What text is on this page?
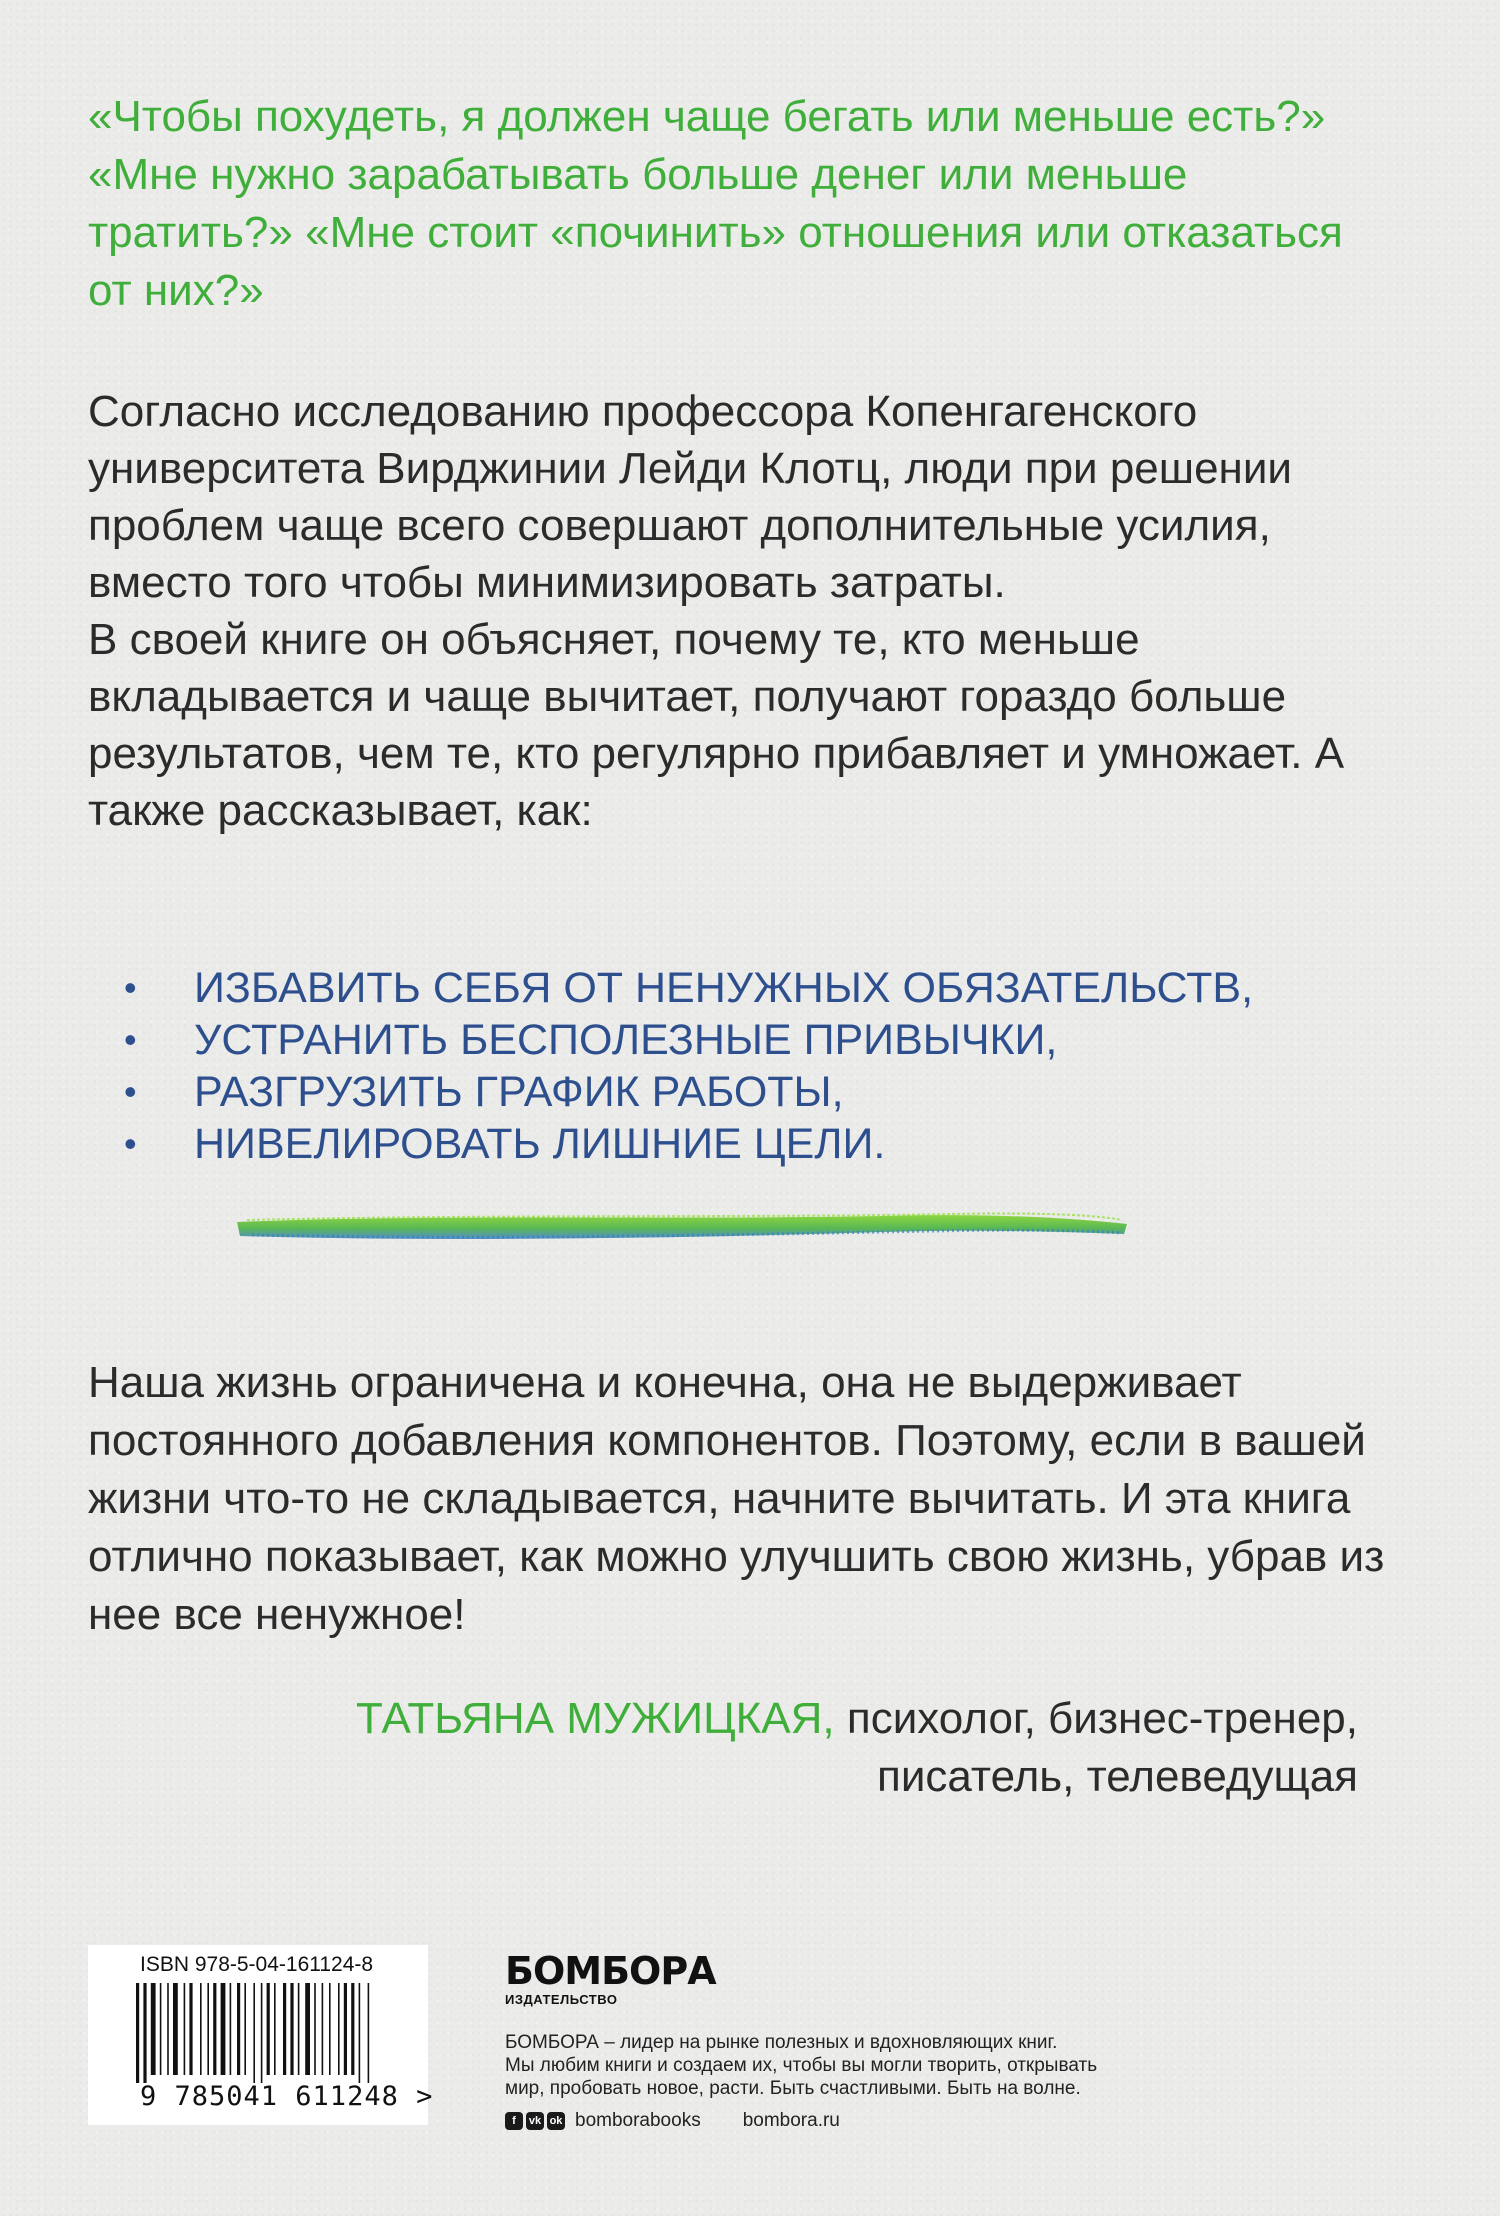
«Чтобы похудеть, я должен чаще бегать или меньше есть?» «Мне нужно зарабатывать больше денег или меньше тратить?» «Мне стоит «починить» отношения или отказаться от них?»

Согласно исследованию профессора Копенгагенского университета Вирджинии Лейди Клотц, люди при решении проблем чаще всего совершают дополнительные усилия, вместо того чтобы минимизировать затраты.
В своей книге он объясняет, почему те, кто меньше вкладывается и чаще вычитает, получают гораздо больше результатов, чем те, кто регулярно прибавляет и умножает. А также рассказывает, как:
• ИЗБАВИТЬ СЕБЯ ОТ НЕНУЖНЫХ ОБЯЗАТЕЛЬСТВ,
• УСТРАНИТЬ БЕСПОЛЕЗНЫЕ ПРИВЫЧКИ,
• РАЗГРУЗИТЬ ГРАФИК РАБОТЫ,
• НИВЕЛИРОВАТЬ ЛИШНИЕ ЦЕЛИ.

Наша жизнь ограничена и конечна, она не выдерживает постоянного добавления компонентов. Поэтому, если в вашей жизни что-то не складывается, начните вычитать. И эта книга отлично показывает, как можно улучшить свою жизнь, убрав из нее все ненужное!

ТАТЬЯНА МУЖИЦКАЯ, психолог, бизнес-тренер,
писатель, телеведущая
ISBN 978-5-04-161124-8
9 785041 611248 >
БОМБОРА
ИЗДАТЕЛЬСТВО
БОМБОРА – лидер на рынке полезных и вдохновляющих книг.
Мы любим книги и создаем их, чтобы вы могли творить, открывать
мир, пробовать новое, расти. Быть счастливыми. Быть на волне.
f	vk ok bomborabooks bombora.ru
